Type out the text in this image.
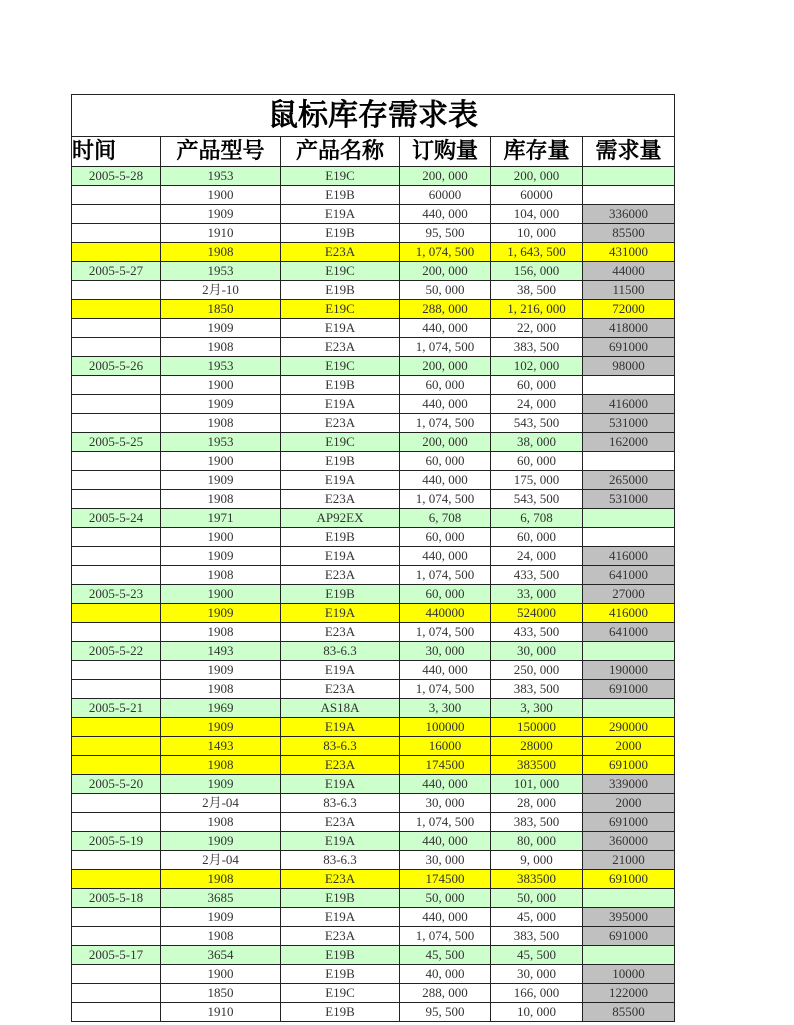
鼠标库存需求表					
时间	产品型号	产品名称	订购量	库存量	需求量
2005-5-28	1953	E19C	200, 000	200, 000	
	1900	E19B	60000	60000	
	1909	E19A	440, 000	104, 000	336000
	1910	E19B	95, 500	10, 000	85500
	1908	E23A	1, 074, 500	1, 643, 500	431000
2005-5-27	1953	E19C	200, 000	156, 000	44000
	2月-10	E19B	50, 000	38, 500	11500
	1850	E19C	288, 000	1, 216, 000	72000
	1909	E19A	440, 000	22, 000	418000
	1908	E23A	1, 074, 500	383, 500	691000
2005-5-26	1953	E19C	200, 000	102, 000	98000
	1900	E19B	60, 000	60, 000	
	1909	E19A	440, 000	24, 000	416000
	1908	E23A	1, 074, 500	543, 500	531000
2005-5-25	1953	E19C	200, 000	38, 000	162000
	1900	E19B	60, 000	60, 000	
	1909	E19A	440, 000	175, 000	265000
	1908	E23A	1, 074, 500	543, 500	531000
2005-5-24	1971	AP92EX	6, 708	6, 708	
	1900	E19B	60, 000	60, 000	
	1909	E19A	440, 000	24, 000	416000
	1908	E23A	1, 074, 500	433, 500	641000
2005-5-23	1900	E19B	60, 000	33, 000	27000
	1909	E19A	440000	524000	416000
	1908	E23A	1, 074, 500	433, 500	641000
2005-5-22	1493	83-6.3	30, 000	30, 000	
	1909	E19A	440, 000	250, 000	190000
	1908	E23A	1, 074, 500	383, 500	691000
2005-5-21	1969	AS18A	3, 300	3, 300	
	1909	E19A	100000	150000	290000
	1493	83-6.3	16000	28000	2000
	1908	E23A	174500	383500	691000
2005-5-20	1909	E19A	440, 000	101, 000	339000
	2月-04	83-6.3	30, 000	28, 000	2000
	1908	E23A	1, 074, 500	383, 500	691000
2005-5-19	1909	E19A	440, 000	80, 000	360000
	2月-04	83-6.3	30, 000	9, 000	21000
	1908	E23A	174500	383500	691000
2005-5-18	3685	E19B	50, 000	50, 000	
	1909	E19A	440, 000	45, 000	395000
	1908	E23A	1, 074, 500	383, 500	691000
2005-5-17	3654	E19B	45, 500	45, 500	
	1900	E19B	40, 000	30, 000	10000
	1850	E19C	288, 000	166, 000	122000
	1910	E19B	95, 500	10, 000	85500
